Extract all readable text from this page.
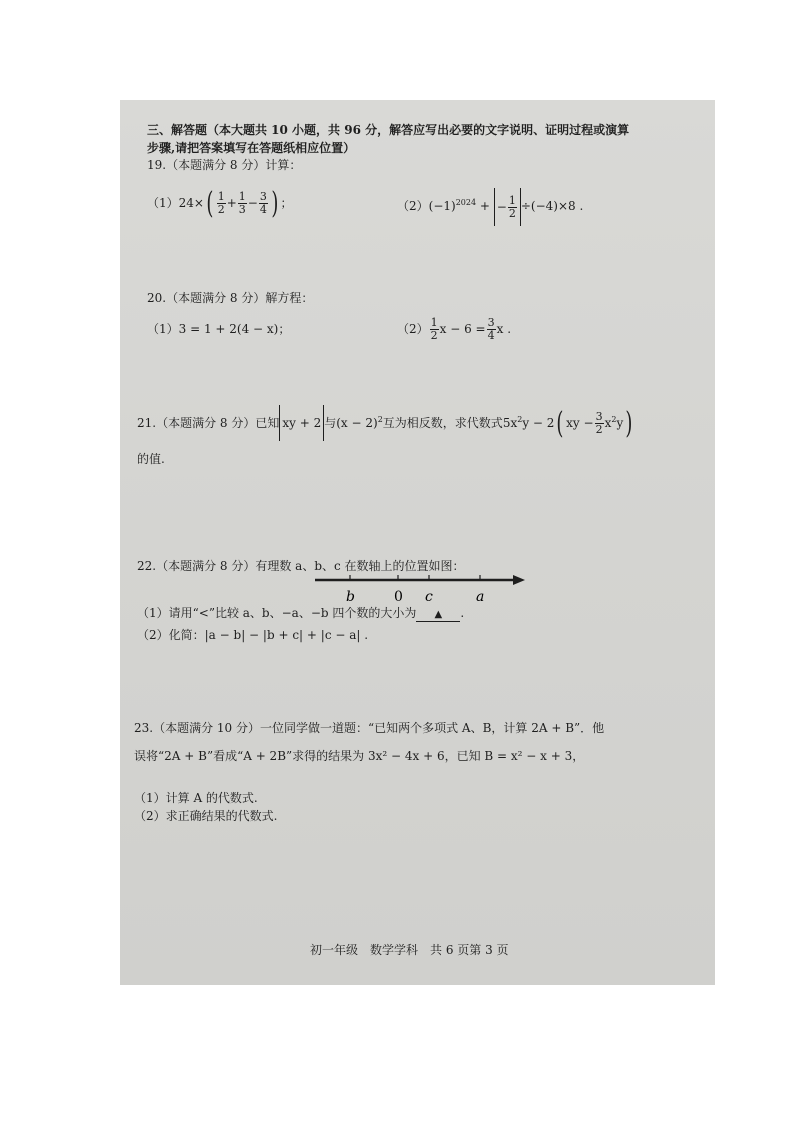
三、解答题（本大题共 10 小题，共 96 分，解答应写出必要的文字说明、证明过程或演算
步骤,请把答案填写在答题纸相应位置）
19.（本题满分 8 分）计算：
$(1)24\times( \frac{1}{2} + \frac{1}{3} - \frac{3}{4}$ ) ；	$(2)(-1)^{2024}$ + − $\frac{1}{2} \div(-4)\times 8$ .
20.（本题满分 8 分）解方程：
（1）3 = 1 + 2(4 − x)；	$(2) \frac{1}{2}$ $x - 6 = \frac{3}{4}$ x .
21.（本题满分 8 分）已知 xy + 2 与$(x - 2)^2$互为相反数，求代数式$5x^2y - 2$( xy − $\frac{3}{2} x^2y$)
的值.
22.（本题满分 8 分）有理数 a、b、c 在数轴上的位置如图：
b	0 c	a
（1）请用“<”比较 a、b、−a、−b 四个数的大小为 ▲ .
（2）化简：|a − b| − |b + c| + |c − a| .
23.（本题满分 10 分）一位同学做一道题：“已知两个多项式 A、B，计算 2A + B”．他
误将“2A + B”看成“A + 2B”求得的结果为 3x² − 4x + 6，已知 B = x² − x + 3，
（1）计算 A 的代数式.
（2）求正确结果的代数式.
初一年级　数学学科　共 6 页第 3 页
